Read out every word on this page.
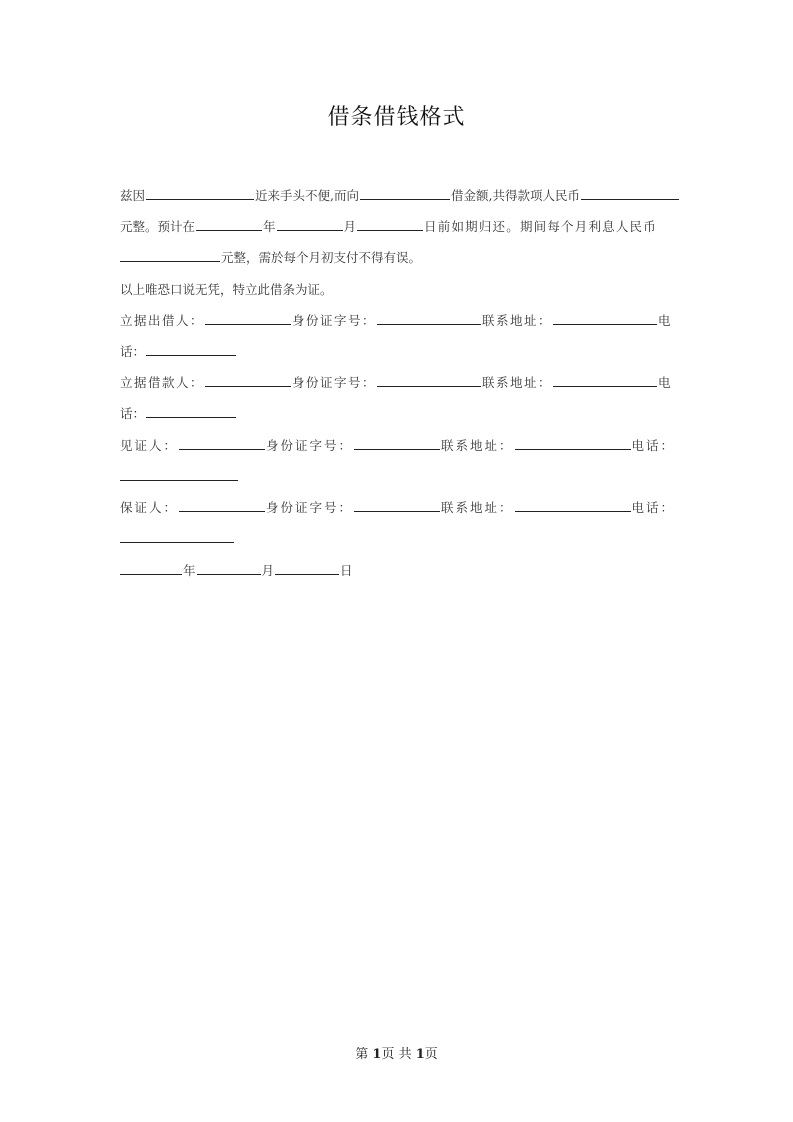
借条借钱格式
兹因	近来手头不便,而向	借金额,共得款项人民币
元整。预计在	年	月	日前如期归还。期间每个月利息人民币
元整，需於每个月初支付不得有误。
以上唯恐口说无凭，特立此借条为证。
立据出借人：	身份证字号：	联系地址：	电
话：
立据借款人：	身份证字号：	联系地址：	电
话：
见证人：	身份证字号：	联系地址：	电话：
保证人：	身份证字号：	联系地址：	电话：
年	月	日
第 1页 共 1页
